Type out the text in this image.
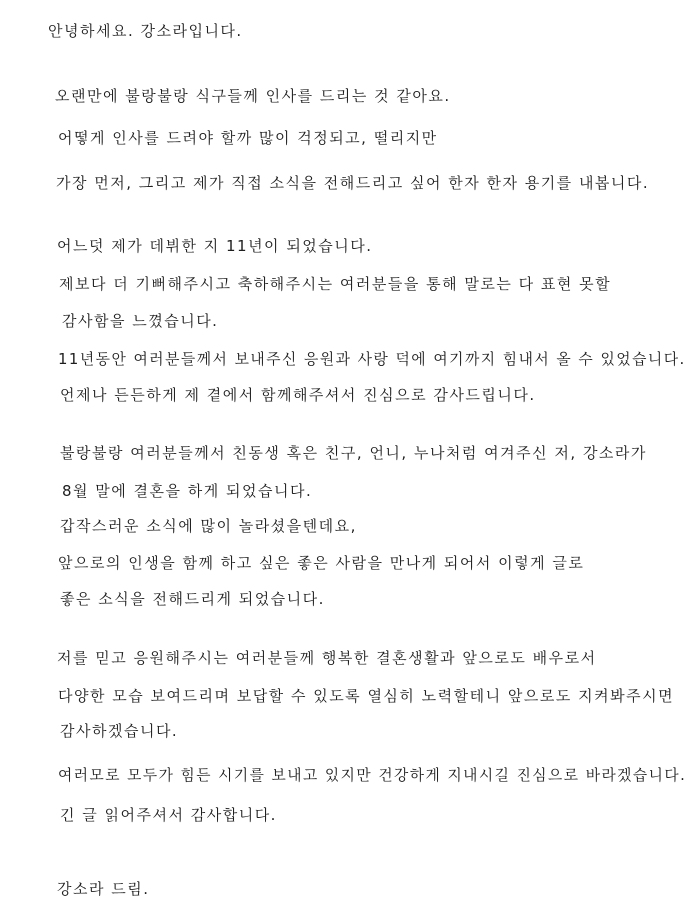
안녕하세요. 강소라입니다.
오랜만에 불랑불랑 식구들께 인사를 드리는 것 같아요.
어떻게 인사를 드려야 할까 많이 걱정되고, 떨리지만
가장 먼저, 그리고 제가 직접 소식을 전해드리고 싶어 한자 한자 용기를 내봅니다.
어느덧 제가 데뷔한 지 11년이 되었습니다.
제보다 더 기뻐해주시고 축하해주시는 여러분들을 통해 말로는 다 표현 못할
감사함을 느꼈습니다.
11년동안 여러분들께서 보내주신 응원과 사랑 덕에 여기까지 힘내서 올 수 있었습니다.
언제나 든든하게 제 곁에서 함께해주셔서 진심으로 감사드립니다.
불랑불랑 여러분들께서 친동생 혹은 친구, 언니, 누나처럼 여겨주신 저, 강소라가
8월 말에 결혼을 하게 되었습니다.
갑작스러운 소식에 많이 놀라셨을텐데요,
앞으로의 인생을 함께 하고 싶은 좋은 사람을 만나게 되어서 이렇게 글로
좋은 소식을 전해드리게 되었습니다.
저를 믿고 응원해주시는 여러분들께 행복한 결혼생활과 앞으로도 배우로서
다양한 모습 보여드리며 보답할 수 있도록 열심히 노력할테니 앞으로도 지켜봐주시면
감사하겠습니다.
여러모로 모두가 힘든 시기를 보내고 있지만 건강하게 지내시길 진심으로 바라겠습니다.
긴 글 읽어주셔서 감사합니다.
강소라 드림.
